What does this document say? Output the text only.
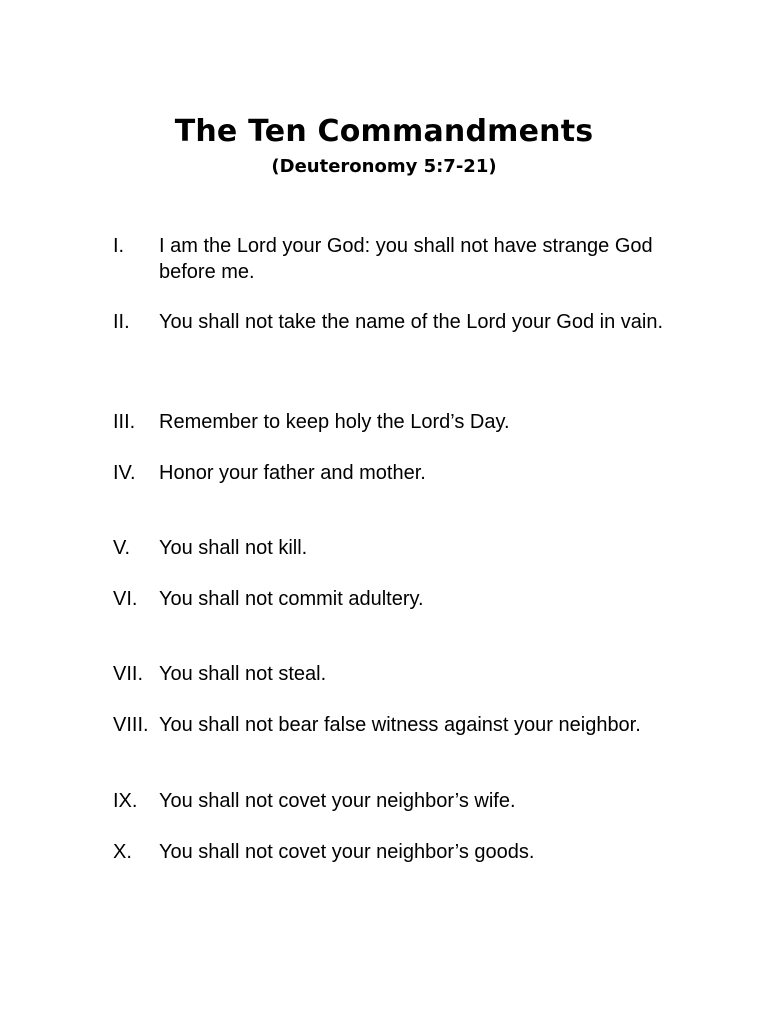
The Ten Commandments
(Deuteronomy 5:7-21)
I. I am the Lord your God: you shall not have strange God before me.
II. You shall not take the name of the Lord your God in vain.
III. Remember to keep holy the Lord’s Day.
IV. Honor your father and mother.
V. You shall not kill.
VI. You shall not commit adultery.
VII. You shall not steal.
VIII. You shall not bear false witness against your neighbor.
IX. You shall not covet your neighbor’s wife.
X. You shall not covet your neighbor’s goods.
